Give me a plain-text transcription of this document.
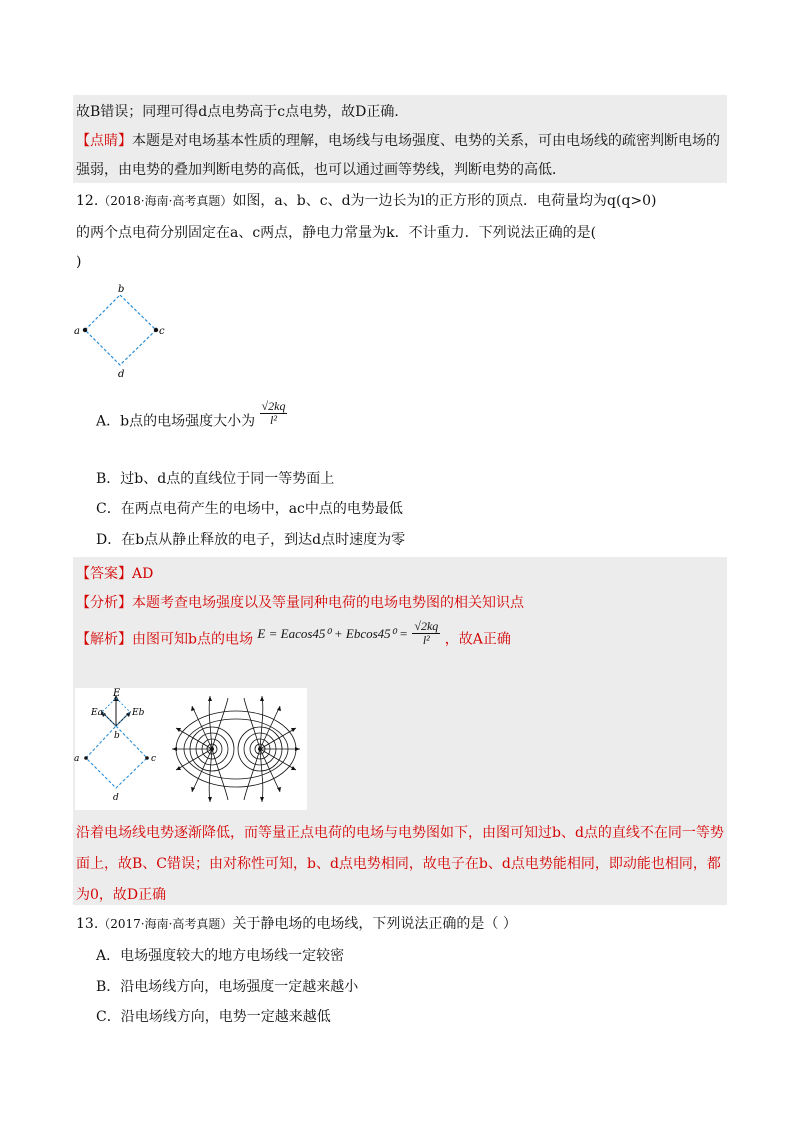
故B错误；同理可得d点电势高于c点电势，故D正确．
【点睛】本题是对电场基本性质的理解，电场线与电场强度、电势的关系，可由电场线的疏密判断电场的
强弱，由电势的叠加判断电势的高低，也可以通过画等势线，判断电势的高低．
12.（2018·海南·高考真题）如图，a、b、c、d为一边长为l的正方形的顶点．电荷量均为q(q>0)
的两个点电荷分别固定在a、c两点，静电力常量为k．不计重力．下列说法正确的是(
)
b
a	c
d
A．b点的电场强度大小为 $\frac{√2kq}{\text{l²}}$
B．过b、d点的直线位于同一等势面上
C．在两点电荷产生的电场中，ac中点的电势最低
D．在b点从静止释放的电子，到达d点时速度为零
【答案】AD
【分析】本题考查电场强度以及等量同种电荷的电场电势图的相关知识点
【解析】由图可知b点的电场 $E = Eacos45^0 + Ebcos45^0 = \frac{√2kq}{\text{l²}}$ ，故A正确
E
Ea	Eb
b
a	c
d
沿着电场线电势逐渐降低，而等量正点电荷的电场与电势图如下，由图可知过b、d点的直线不在同一等势
面上，故B、C错误；由对称性可知，b、d点电势相同，故电子在b、d点电势能相同，即动能也相同，都
为0，故D正确
13.（2017·海南·高考真题）关于静电场的电场线，下列说法正确的是（ ）
A．电场强度较大的地方电场线一定较密
B．沿电场线方向，电场强度一定越来越小
C．沿电场线方向，电势一定越来越低
